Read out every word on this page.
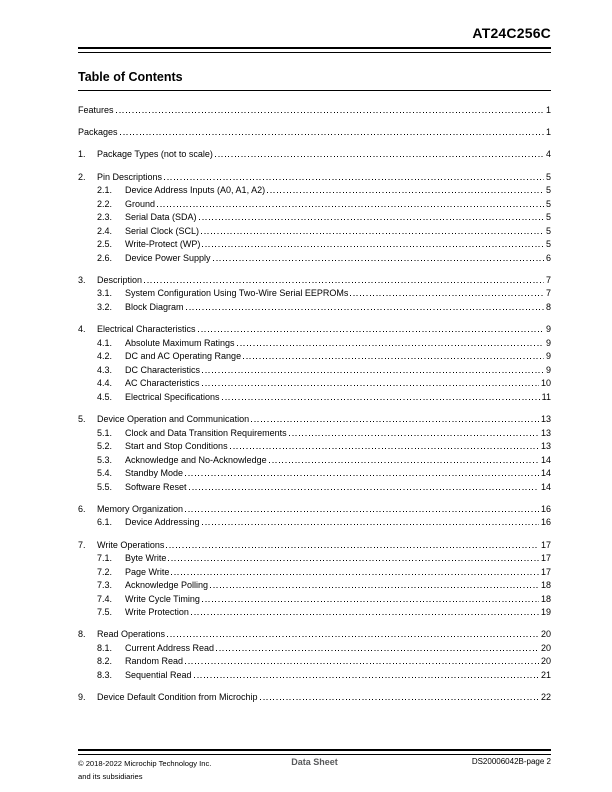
AT24C256C
Table of Contents
Features	1
Packages	1
1.	Package Types (not to scale)	4
2.	Pin Descriptions	5
2.1.	Device Address Inputs (A0, A1, A2)	5
2.2.	Ground	5
2.3.	Serial Data (SDA)	5
2.4.	Serial Clock (SCL)	5
2.5.	Write-Protect (WP)	5
2.6.	Device Power Supply	6
3.	Description	7
3.1.	System Configuration Using Two-Wire Serial EEPROMs	7
3.2.	Block Diagram	8
4.	Electrical Characteristics	9
4.1.	Absolute Maximum Ratings	9
4.2.	DC and AC Operating Range	9
4.3.	DC Characteristics	9
4.4.	AC Characteristics	10
4.5.	Electrical Specifications	11
5.	Device Operation and Communication	13
5.1.	Clock and Data Transition Requirements	13
5.2.	Start and Stop Conditions	13
5.3.	Acknowledge and No-Acknowledge	14
5.4.	Standby Mode	14
5.5.	Software Reset	14
6.	Memory Organization	16
6.1.	Device Addressing	16
7.	Write Operations	17
7.1.	Byte Write	17
7.2.	Page Write	17
7.3.	Acknowledge Polling	18
7.4.	Write Cycle Timing	18
7.5.	Write Protection	19
8.	Read Operations	20
8.1.	Current Address Read	20
8.2.	Random Read	20
8.3.	Sequential Read	21
9.	Device Default Condition from Microchip	22
© 2018-2022 Microchip Technology Inc.
and its subsidiaries
Data Sheet	DS20006042B-page 2
